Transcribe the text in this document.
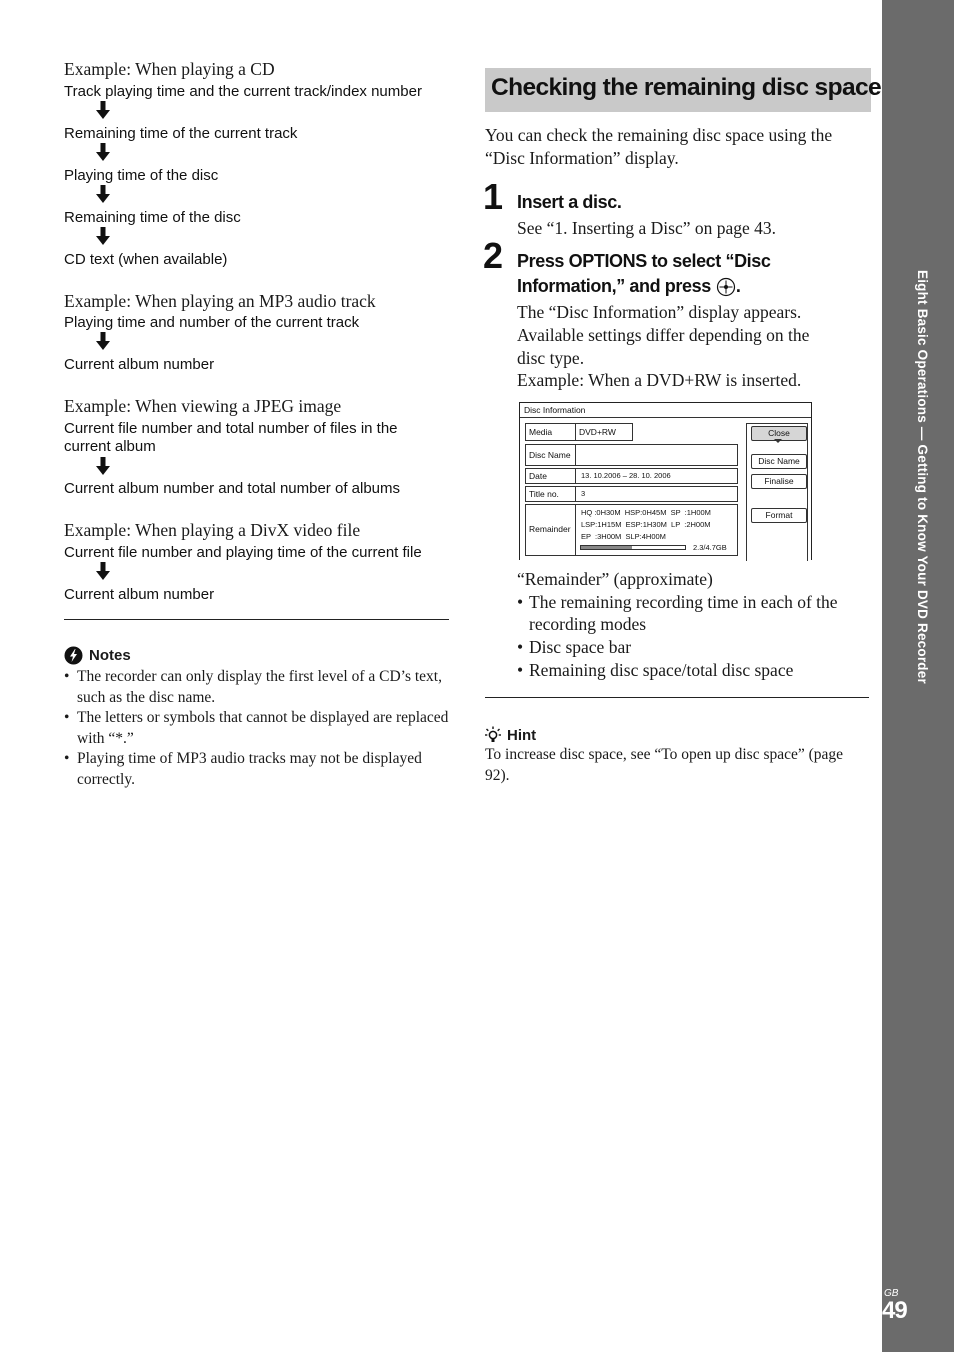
Eight Basic Operations — Getting to Know Your DVD Recorder
GB
49
Example: When playing a CD
Track playing time and the current track/index number
Remaining time of the current track
Playing time of the disc
Remaining time of the disc
CD text (when available)
Example: When playing an MP3 audio track
Playing time and number of the current track
Current album number
Example: When viewing a JPEG image
Current file number and total number of files in the
current album
Current album number and total number of albums
Example: When playing a DivX video file
Current file number and playing time of the current file
Current album number
Notes
• The recorder can only display the first level of a CD’s text, such as the disc name.
• The letters or symbols that cannot be displayed are replaced with “*.”
• Playing time of MP3 audio tracks may not be displayed correctly.
Checking the remaining disc space
You can check the remaining disc space using the “Disc Information” display.
1 Insert a disc.
See “1. Inserting a Disc” on page 43.
2 Press OPTIONS to select “Disc
Information,” and press .
The “Disc Information” display appears.
Available settings differ depending on the
disc type.
Example: When a DVD+RW is inserted.
Disc Information
Media	DVD+RW
Disc Name
Date	13. 10.2006 – 28. 10. 2006
Title no.	3
Remainder
HQ :0H30M  HSP:0H45M  SP  :1H00M
LSP:1H15M  ESP:1H30M  LP  :2H00M
EP  :3H00M  SLP:4H00M
2.3/4.7GB
Close
Disc Name
Finalise
Format
“Remainder” (approximate)
• The remaining recording time in each of the
recording modes
• Disc space bar
• Remaining disc space/total disc space
Hint
To increase disc space, see “To open up disc space” (page 92).
